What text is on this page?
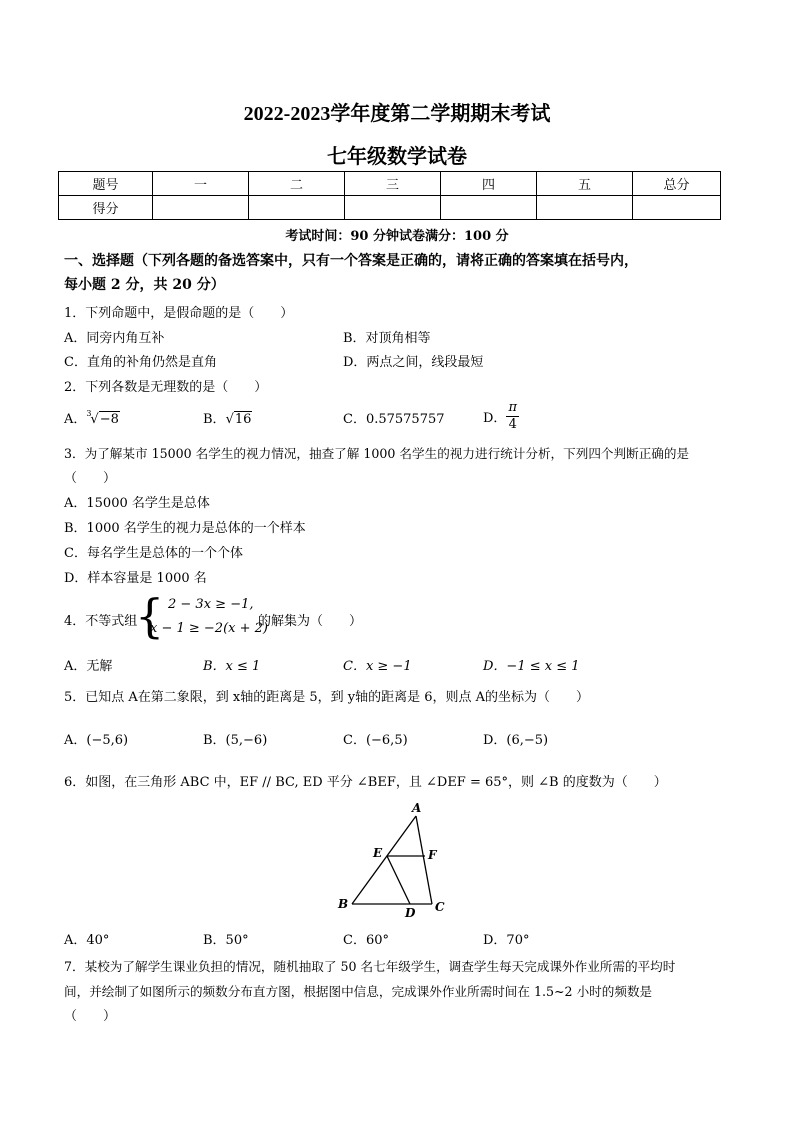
2022-2023学年度第二学期期末考试
七年级数学试卷
题号	一	二	三	四	五	总分
得分						
考试时间：90 分钟试卷满分：100 分
一、选择题（下列各题的备选答案中，只有一个答案是正确的，请将正确的答案填在括号内，
每小题 2 分，共 20 分）
1．下列命题中，是假命题的是（　　）
A．同旁内角互补	B．对顶角相等
C．直角的补角仍然是直角	D．两点之间，线段最短
2．下列各数是无理数的是（　　）
A． 3
√−8	B．√16	C．0.57575757	D． $\frac{\pi}{4}$
3．为了解某市 15000 名学生的视力情况，抽查了解 1000 名学生的视力进行统计分析，下列四个判断正确的是
（　　）
A．15000 名学生是总体
B．1000 名学生的视力是总体的一个样本
C．每名学生是总体的一个个体
D．样本容量是 1000 名
4．不等式组
{ 2 − 3x ≥ −1,
x − 1 ≥ −2(x + 2)
的解集为（　　）
A．无解	B．x ≤ 1	C．x ≥ −1	D．−1 ≤ x ≤ 1
5．已知点 A在第二象限，到 x轴的距离是 5，到 y轴的距离是 6，则点 A的坐标为（　　）
A．(−5,6)	B．(5,−6)	C．(−6,5)	D．(6,−5)
6．如图，在三角形 ABC 中，EF // BC, ED 平分 ∠BEF，且 ∠DEF = 65°，则 ∠B 的度数为（　　）
A
B	C
D
E	F
A．40°	B．50°	C．60°	D．70°
7．某校为了解学生课业负担的情况，随机抽取了 50 名七年级学生，调查学生每天完成课外作业所需的平均时
间，并绘制了如图所示的频数分布直方图，根据图中信息，完成课外作业所需时间在 1.5~2 小时的频数是
（　　）
